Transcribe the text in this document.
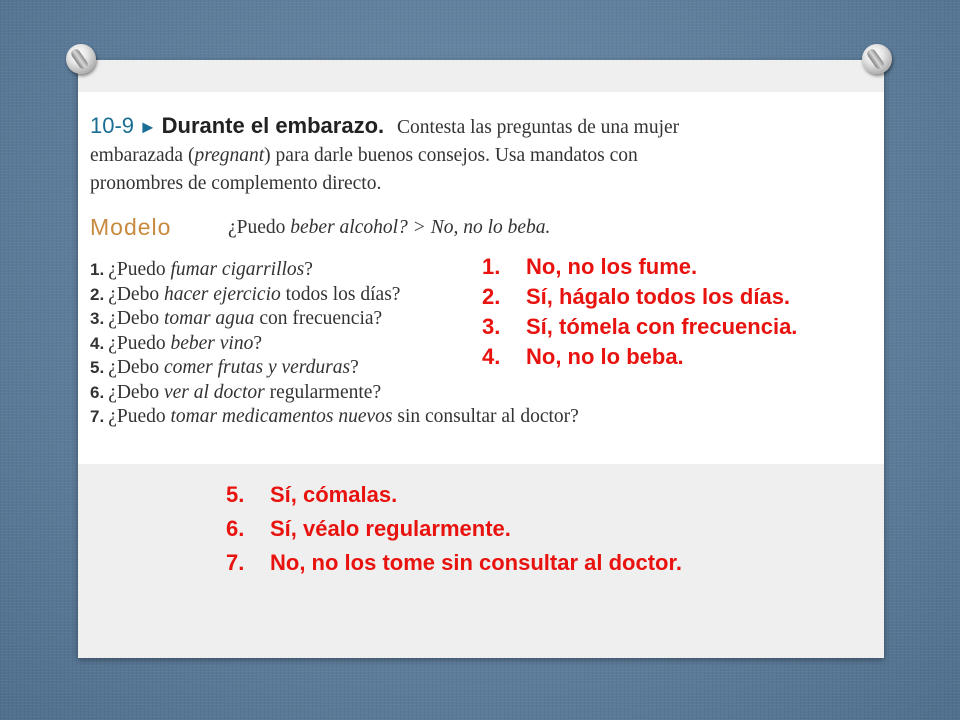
10-9 ► Durante el embarazo. Contesta las preguntas de una mujer
embarazada (pregnant) para darle buenos consejos. Usa mandatos con
pronombres de complemento directo.
Modelo	¿Puedo beber alcohol? > No, no lo beba.
1. ¿Puedo fumar cigarrillos?
2. ¿Debo hacer ejercicio todos los días?
3. ¿Debo tomar agua con frecuencia?
4. ¿Puedo beber vino?
5. ¿Debo comer frutas y verduras?
6. ¿Debo ver al doctor regularmente?
7. ¿Puedo tomar medicamentos nuevos sin consultar al doctor?
1. No, no los fume.
2. Sí, hágalo todos los días.
3. Sí, tómela con frecuencia.
4. No, no lo beba.
5. Sí, cómalas.
6. Sí, véalo regularmente.
7. No, no los tome sin consultar al doctor.
